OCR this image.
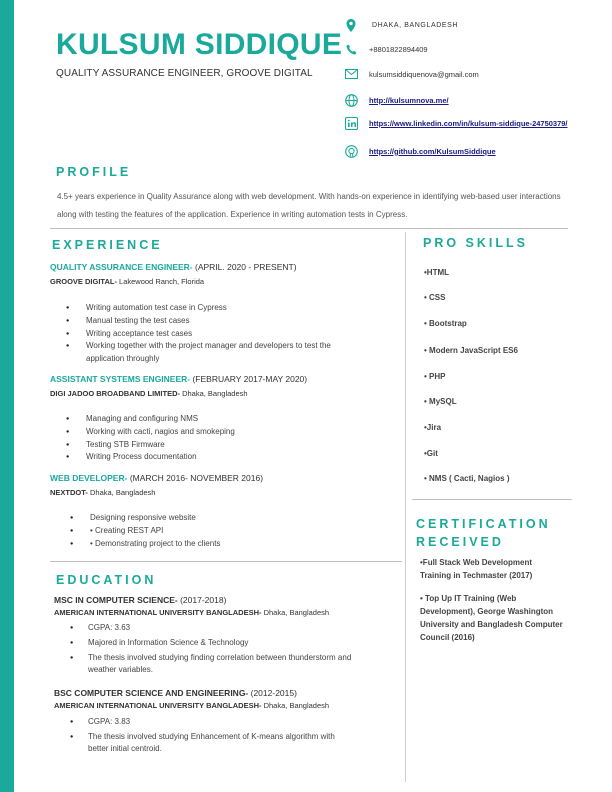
KULSUM SIDDIQUE
QUALITY ASSURANCE ENGINEER, GROOVE DIGITAL
DHAKA, BANGLADESH
+8801822894409
kulsumsiddiquenova@gmail.com
http://kulsumnova.me/
https://www.linkedin.com/in/kulsum-siddique-24750379/
https://github.com/KulsumSiddique
PROFILE
4.5+ years experience in Quality Assurance along with web development. With hands-on experience in identifying web-based user interactions along with testing the features of the application. Experience in writing automation tests in Cypress.
EXPERIENCE
QUALITY ASSURANCE ENGINEER- (APRIL. 2020 - PRESENT)
GROOVE DIGITAL- Lakewood Ranch, Florida
● Writing automation test case in Cypress
● Manual testing the test cases
● Writing acceptance test cases
● Working together with the project manager and developers to test the application throughly
ASSISTANT SYSTEMS ENGINEER- (FEBRUARY 2017-MAY 2020)
DIGI JADOO BROADBAND LIMITED- Dhaka, Bangladesh
● Managing and configuring NMS
● Working with cacti, nagios and smokeping
● Testing STB Firmware
● Writing Process documentation
WEB DEVELOPER- (MARCH 2016- NOVEMBER 2016)
NEXTDOT- Dhaka, Bangladesh
● Designing responsive website
● • Creating REST API
● • Demonstrating project to the clients
EDUCATION
MSC IN COMPUTER SCIENCE- (2017-2018)
AMERICAN INTERNATIONAL UNIVERSITY BANGLADESH- Dhaka, Bangladesh
● CGPA: 3.63
● Majored in Information Science & Technology
● The thesis involved studying finding correlation between thunderstorm and weather variables.
BSC COMPUTER SCIENCE AND ENGINEERING- (2012-2015)
AMERICAN INTERNATIONAL UNIVERSITY BANGLADESH- Dhaka, Bangladesh
● CGPA: 3.83
● The thesis involved studying Enhancement of K-means algorithm with better initial centroid.
PRO SKILLS
•HTML
• CSS
• Bootstrap
• Modern JavaScript ES6
• PHP
• MySQL
•Jira
•Git
• NMS ( Cacti, Nagios )
CERTIFICATION
RECEIVED
•Full Stack Web Development Training in Techmaster (2017)
• Top Up IT Training (Web Development), George Washington University and Bangladesh Computer Council (2016)
